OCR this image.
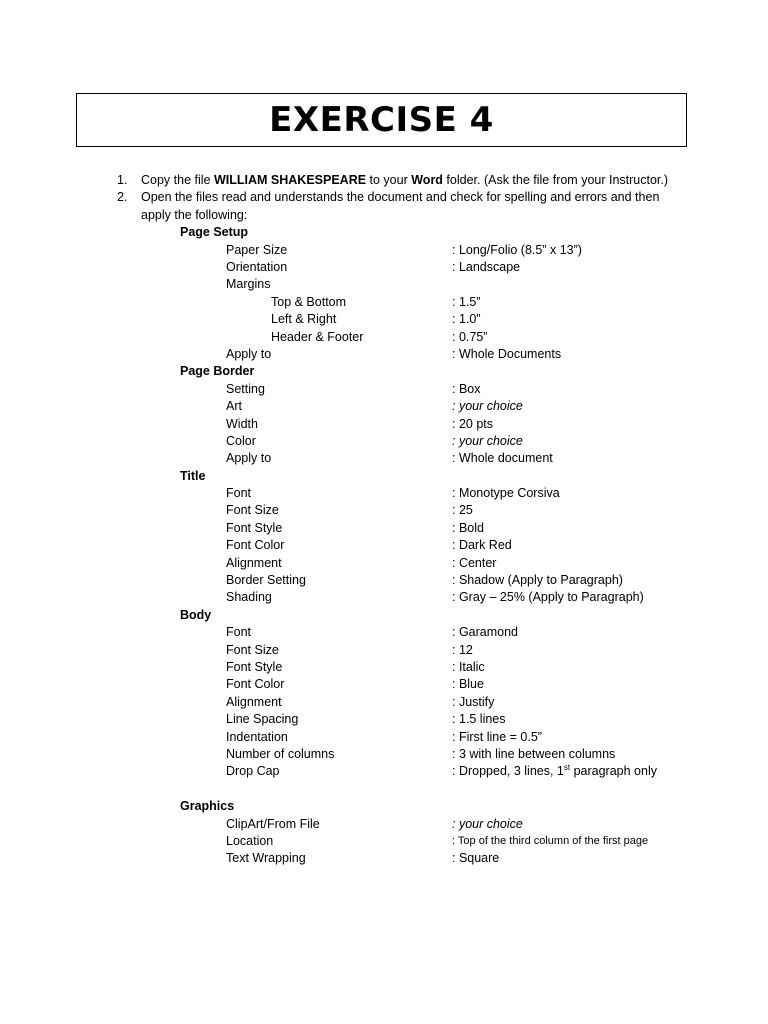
EXERCISE 4
1. Copy the file WILLIAM SHAKESPEARE to your Word folder. (Ask the file from your Instructor.)
2. Open the files read and understands the document and check for spelling and errors and then apply the following:
Page Setup
Paper Size	: Long/Folio (8.5” x 13”)
Orientation	: Landscape
Margins
Top & Bottom	: 1.5”
Left & Right	: 1.0”
Header & Footer	: 0.75”
Apply to	: Whole Documents
Page Border
Setting	: Box
Art	: your choice
Width	: 20 pts
Color	: your choice
Apply to	: Whole document
Title
Font	: Monotype Corsiva
Font Size	: 25
Font Style	: Bold
Font Color	: Dark Red
Alignment	: Center
Border Setting	: Shadow (Apply to Paragraph)
Shading	: Gray – 25% (Apply to Paragraph)
Body
Font	: Garamond
Font Size	: 12
Font Style	: Italic
Font Color	: Blue
Alignment	: Justify
Line Spacing	: 1.5 lines
Indentation	: First line = 0.5”
Number of columns	: 3 with line between columns
Drop Cap	: Dropped, 3 lines, 1st paragraph only
Graphics
ClipArt/From File	: your choice
Location	: Top of the third column of the first page
Text Wrapping	: Square
